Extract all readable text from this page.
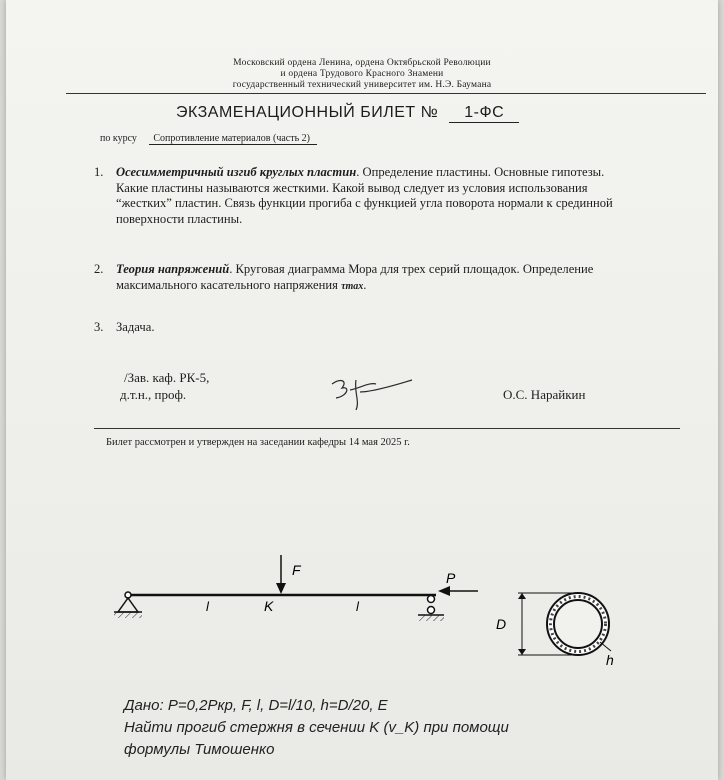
Московский ордена Ленина, ордена Октябрьской Революции
и ордена Трудового Красного Знамени
государственный технический университет им. Н.Э. Баумана
ЭКЗАМЕНАЦИОННЫЙ БИЛЕТ № 1-ФС
по курсу Сопротивление материалов (часть 2)
1. Осесимметричный изгиб круглых пластин. Определение пластины. Основные гипотезы. Какие пластины называются жесткими. Какой вывод следует из условия использования “жестких” пластин. Связь функции прогиба с функцией угла поворота нормали к срединной поверхности пластины.
2. Теория напряжений. Круговая диаграмма Мора для трех серий площадок. Определение максимального касательного напряжения τmax.
3. Задача.
/Зав. каф. РК-5,
д.т.н., проф.	О.С. Нарайкин
Билет рассмотрен и утвержден на заседании кафедры 14 мая 2025 г.
F	P
l	K	l
D
h
Дано: P=0,2Pкр, F, l, D=l/10, h=D/20, E
Найти прогиб стержня в сечении K (v_K) при помощи
формулы Тимошенко
